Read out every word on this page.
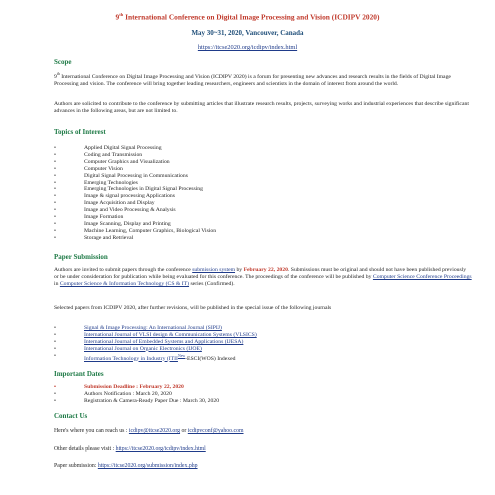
9th International Conference on Digital Image Processing and Vision (ICDIPV 2020)
May 30~31, 2020, Vancouver, Canada
https://itcse2020.org/icdipv/index.html
Scope
9th International Conference on Digital Image Processing and Vision (ICDIPV 2020) is a forum for presenting new advances and research results in the fields of Digital Image Processing and vision. The conference will bring together leading researchers, engineers and scientists in the domain of interest from around the world.
Authors are solicited to contribute to the conference by submitting articles that illustrate research results, projects, surveying works and industrial experiences that describe significant advances in the following areas, but are not limited to.
Topics of Interest
• Applied Digital Signal Processing
• Coding and Transmission
• Computer Graphics and Visualization
• Computer Vision
• Digital Signal Processing in Communications
• Emerging Technologies
• Emerging Technologies in Digital Signal Processing
• Image & signal processing Applications
• Image Acquisition and Display
• Image and Video Processing & Analysis
• Image Formation
• Image Scanning, Display and Printing
• Machine Learning, Computer Graphics, Biological Vision
• Storage and Retrieval
Paper Submission
Authors are invited to submit papers through the conference submission system by February 22, 2020. Submissions must be original and should not have been published previously or be under consideration for publication while being evaluated for this conference. The proceedings of the conference will be published by Computer Science Conference Proceedings in Computer Science & Information Technology (CS & IT) series (Confirmed).
Selected papers from ICDIPV 2020, after further revisions, will be published in the special issue of the following journals
• Signal & Image Processing: An International Journal (SIPIJ)
• International Journal of VLSI design & Communication Systems (VLSICS)
• International Journal of Embedded Systems and Applications (IJESA)
• International Journal on Organic Electronics (IJOE)
• Information Technology in Industry ($ITII^{New}-ESCI(WOS)$ Indexed
Important Dates
• Submission Deadline : February 22, 2020
• Authors Notification : March 20, 2020
• Registration & Camera-Ready Paper Due : March 30, 2020
Contact Us
Here's where you can reach us : icdipv@itcse2020.org or icdipvconf@yahoo.com
Other details please visit : https://itcse2020.org/icdipv/index.html
Paper submission: https://itcse2020.org/submission/index.php
